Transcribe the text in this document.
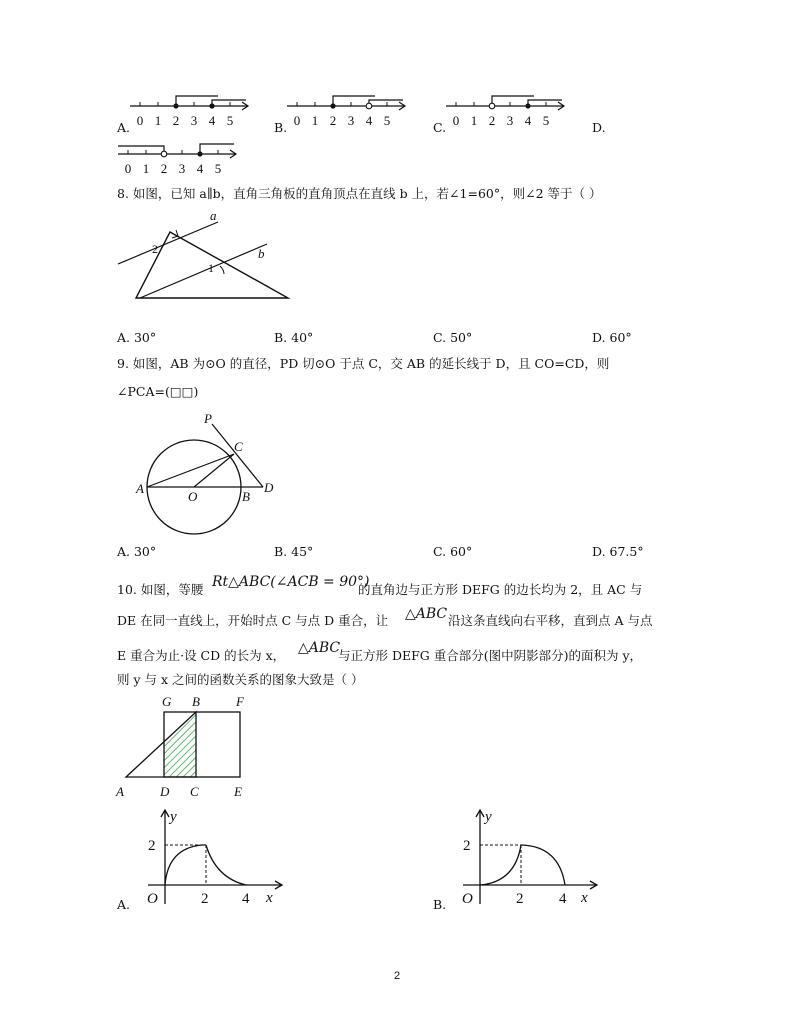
A. 0 1 2 3 4 5	B. 0 1 2 3 4 5	C. 0 1 2 3 4 5	D.
0 1 2 3 4 5
8. 如图，已知 a∥b，直角三角板的直角顶点在直线 b 上，若∠1=60°，则∠2 等于（ ）
a
b
2
1
A. 30°	B. 40°	C. 50°	D. 60°
9. 如图，AB 为⊙O 的直径，PD 切⊙O 于点 C，交 AB 的延长线于 D，且 CO=CD，则
∠PCA=(□□)
P
C
A
O	B
D
A. 30°	B. 45°	C. 60°	D. 67.5°
10. 如图，等腰 Rt△ABC(∠ACB = 90°)
的直角边与正方形 DEFG 的边长均为 2，且 AC 与
DE 在同一直线上，开始时点 C 与点 D 重合，让 △ABC 沿这条直线向右平移，直到点 A 与点
E 重合为止·设 CD 的长为 x， △ABC
与正方形 DEFG 重合部分(图中阴影部分)的面积为 y，
则 y 与 x 之间的函数关系的图象大致是（ ）
G B	F
A	D C	E
A.
y
x
O
2
2 4	B.
y
x
O
2
2 4
2
